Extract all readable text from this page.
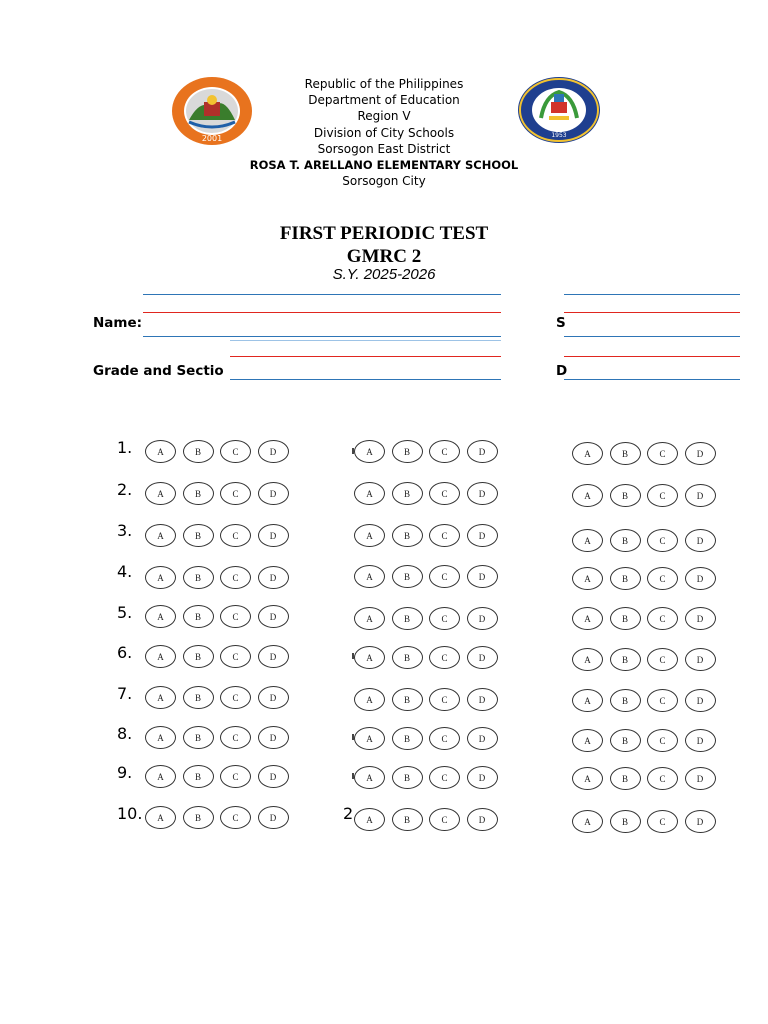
2001	1953
Republic of the Philippines
Department of Education
Region V
Division of City Schools
Sorsogon East District
ROSA T. ARELLANO ELEMENTARY SCHOOL
Sorsogon City
FIRST PERIODIC TEST
GMRC 2
S.Y. 2025-2026
Name:
Grade and Sectio
S
D
1.	A	B	C	D	A	B	C	D	A	B	C	D
2.	A	B	C	D	A	B	C	D	A	B	C	D
3.	A	B	C	D	A	B	C	D	A	B	C	D
4.	A	B	C	D	A	B	C	D	A	B	C	D
5.	A	B	C	D	A	B	C	D	A	B	C	D
6.	A	B	C	D	A	B	C	D	A	B	C	D
7.	A	B	C	D	A	B	C	D	A	B	C	D
8.	A	B	C	D	A	B	C	D	A	B	C	D
9.	A	B	C	D	A	B	C	D	A	B	C	D
10.	A	B	C	D	A	B	C	D	A	B	C	D
2
